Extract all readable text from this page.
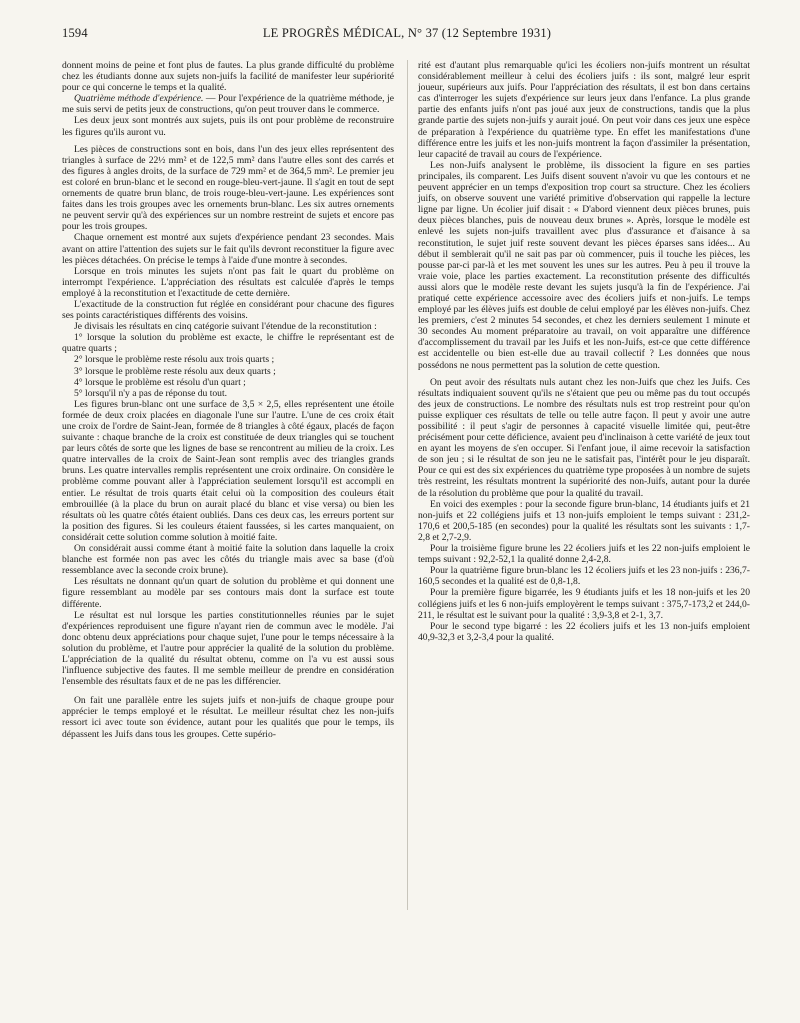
1594	LE PROGRÈS MÉDICAL, N° 37 (12 Septembre 1931)

donnent moins de peine et font plus de fautes. La plus grande difficulté du problème chez les étudiants donne aux sujets non-juifs la facilité de manifester leur supériorité pour ce qui concerne le temps et la qualité.

Quatrième méthode d'expérience. — Pour l'expérience de la quatrième méthode, je me suis servi de petits jeux de constructions, qu'on peut trouver dans le commerce.

Les deux jeux sont montrés aux sujets, puis ils ont pour problème de reconstruire les figures qu'ils auront vu.

Les pièces de constructions sont en bois, dans l'un des jeux elles représentent des triangles à surface de 22½ mm² et de 122,5 mm² dans l'autre elles sont des carrés et des figures à angles droits, de la surface de 729 mm² et de 364,5 mm². Le premier jeu est coloré en brun-blanc et le second en rouge-bleu-vert-jaune. Il s'agit en tout de sept ornements de quatre brun blanc, de trois rouge-bleu-vert-jaune. Les expériences sont faites dans les trois groupes avec les ornements brun-blanc. Les six autres ornements ne peuvent servir qu'à des expériences sur un nombre restreint de sujets et encore pas pour les trois groupes.

Chaque ornement est montré aux sujets d'expérience pendant 23 secondes. Mais avant on attire l'attention des sujets sur le fait qu'ils devront reconstituer la figure avec les pièces détachées. On précise le temps à l'aide d'une montre à secondes.

Lorsque en trois minutes les sujets n'ont pas fait le quart du problème on interrompt l'expérience. L'appréciation des résultats est calculée d'après le temps employé à la reconstitution et l'exactitude de cette dernière.

L'exactitude de la construction fut réglée en considérant pour chacune des figures ses points caractéristiques différents des voisins.

Je divisais les résultats en cinq catégorie suivant l'étendue de la reconstitution :

1° lorsque la solution du problème est exacte, le chiffre le représentant est de quatre quarts ;

2° lorsque le problème reste résolu aux trois quarts ;

3° lorsque le problème reste résolu aux deux quarts ;

4° lorsque le problème est résolu d'un quart ;

5° lorsqu'il n'y a pas de réponse du tout.

Les figures brun-blanc ont une surface de 3,5 × 2,5, elles représentent une étoile formée de deux croix placées en diagonale l'une sur l'autre. L'une de ces croix était une croix de l'ordre de Saint-Jean, formée de 8 triangles à côté égaux, placés de façon suivante : chaque branche de la croix est constituée de deux triangles qui se touchent par leurs côtés de sorte que les lignes de base se rencontrent au milieu de la croix. Les quatre intervalles de la croix de Saint-Jean sont remplis avec des triangles grands bruns. Les quatre intervalles remplis représentent une croix ordinaire. On considère le problème comme pouvant aller à l'appréciation seulement lorsqu'il est accompli en entier. Le résultat de trois quarts était celui où la composition des couleurs était embrouillée (à la place du brun on aurait placé du blanc et vise versa) ou bien les résultats où les quatre côtés étaient oubliés. Dans ces deux cas, les erreurs portent sur la position des figures. Si les couleurs étaient faussées, si les cartes manquaient, on considérait cette solution comme solution à moitié faite.

On considérait aussi comme étant à moitié faite la solution dans laquelle la croix blanche est formée non pas avec les côtés du triangle mais avec sa base (d'où ressemblance avec la seconde croix brune).

Les résultats ne donnant qu'un quart de solution du problème et qui donnent une figure ressemblant au modèle par ses contours mais dont la surface est toute différente.

Le résultat est nul lorsque les parties constitutionnelles réunies par le sujet d'expériences reproduisent une figure n'ayant rien de commun avec le modèle. J'ai donc obtenu deux appréciations pour chaque sujet, l'une pour le temps nécessaire à la solution du problème, et l'autre pour apprécier la qualité de la solution du problème. L'appréciation de la qualité du résultat obtenu, comme on l'a vu est aussi sous l'influence subjective des fautes. Il me semble meilleur de prendre en considération l'ensemble des résultats faux et de ne pas les différencier.

On fait une parallèle entre les sujets juifs et non-juifs de chaque groupe pour apprécier le temps employé et le résultat. Le meilleur résultat chez les non-juifs ressort ici avec toute son évidence, autant pour les qualités que pour le temps, ils dépassent les Juifs dans tous les groupes. Cette supério-

rité est d'autant plus remarquable qu'ici les écoliers non-juifs montrent un résultat considérablement meilleur à celui des écoliers juifs : ils sont, malgré leur esprit joueur, supérieurs aux juifs. Pour l'appréciation des résultats, il est bon dans certains cas d'interroger les sujets d'expérience sur leurs jeux dans l'enfance. La plus grande partie des enfants juifs n'ont pas joué aux jeux de constructions, tandis que la plus grande partie des sujets non-juifs y aurait joué. On peut voir dans ces jeux une espèce de préparation à l'expérience du quatrième type. En effet les manifestations d'une différence entre les juifs et les non-juifs montrent la façon d'assimiler la présentation, leur capacité de travail au cours de l'expérience.

Les non-Juifs analysent le problème, ils dissocient la figure en ses parties principales, ils comparent. Les Juifs disent souvent n'avoir vu que les contours et ne peuvent apprécier en un temps d'exposition trop court sa structure. Chez les écoliers juifs, on observe souvent une variété primitive d'observation qui rappelle la lecture ligne par ligne. Un écolier juif disait : « D'abord viennent deux pièces brunes, puis deux pièces blanches, puis de nouveau deux brunes ». Après, lorsque le modèle est enlevé les sujets non-juifs travaillent avec plus d'assurance et d'aisance à sa reconstitution, le sujet juif reste souvent devant les pièces éparses sans idées... Au début il semblerait qu'il ne sait pas par où commencer, puis il touche les pièces, les pousse par-ci par-là et les met souvent les unes sur les autres. Peu à peu il trouve la vraie voie, place les parties exactement. La reconstitution présente des difficultés aussi alors que le modèle reste devant les sujets jusqu'à la fin de l'expérience. J'ai pratiqué cette expérience accessoire avec des écoliers juifs et non-juifs. Le temps employé par les élèves juifs est double de celui employé par les élèves non-juifs. Chez les premiers, c'est 2 minutes 54 secondes, et chez les derniers seulement 1 minute et 30 secondes Au moment préparatoire au travail, on voit apparaître une différence d'accomplissement du travail par les Juifs et les non-Juifs, est-ce que cette différence est accidentelle ou bien est-elle due au travail collectif ? Les données que nous possédons ne nous permettent pas la solution de cette question.

On peut avoir des résultats nuls autant chez les non-Juifs que chez les Juifs. Ces résultats indiquaient souvent qu'ils ne s'étaient que peu ou même pas du tout occupés des jeux de constructions. Le nombre des résultats nuls est trop restreint pour qu'on puisse expliquer ces résultats de telle ou telle autre façon. Il peut y avoir une autre possibilité : il peut s'agir de personnes à capacité visuelle limitée qui, peut-être précisément pour cette déficience, avaient peu d'inclinaison à cette variété de jeux tout en ayant les moyens de s'en occuper. Si l'enfant joue, il aime recevoir la satisfaction de son jeu ; si le résultat de son jeu ne le satisfait pas, l'intérêt pour le jeu disparaît. Pour ce qui est des six expériences du quatrième type proposées à un nombre de sujets très restreint, les résultats montrent la supériorité des non-Juifs, autant pour la durée de la résolution du problème que pour la qualité du travail.

En voici des exemples : pour la seconde figure brun-blanc, 14 étudiants juifs et 21 non-juifs et 22 collégiens juifs et 13 non-juifs emploient le temps suivant : 231,2-170,6 et 200,5-185 (en secondes) pour la qualité les résultats sont les suivants : 1,7-2,8 et 2,7-2,9.

Pour la troisième figure brune les 22 écoliers juifs et les 22 non-juifs emploient le temps suivant : 92,2-52,1 la qualité donne 2,4-2,8.

Pour la quatrième figure brun-blanc les 12 écoliers juifs et les 23 non-juifs : 236,7-160,5 secondes et la qualité est de 0,8-1,8.

Pour la première figure bigarrée, les 9 étudiants juifs et les 18 non-juifs et les 20 collégiens juifs et les 6 non-juifs employèrent le temps suivant : 375,7-173,2 et 244,0-211, le résultat est le suivant pour la qualité : 3,9-3,8 et 2-1, 3,7.

Pour le second type bigarré : les 22 écoliers juifs et les 13 non-juifs emploient 40,9-32,3 et 3,2-3,4 pour la qualité.
